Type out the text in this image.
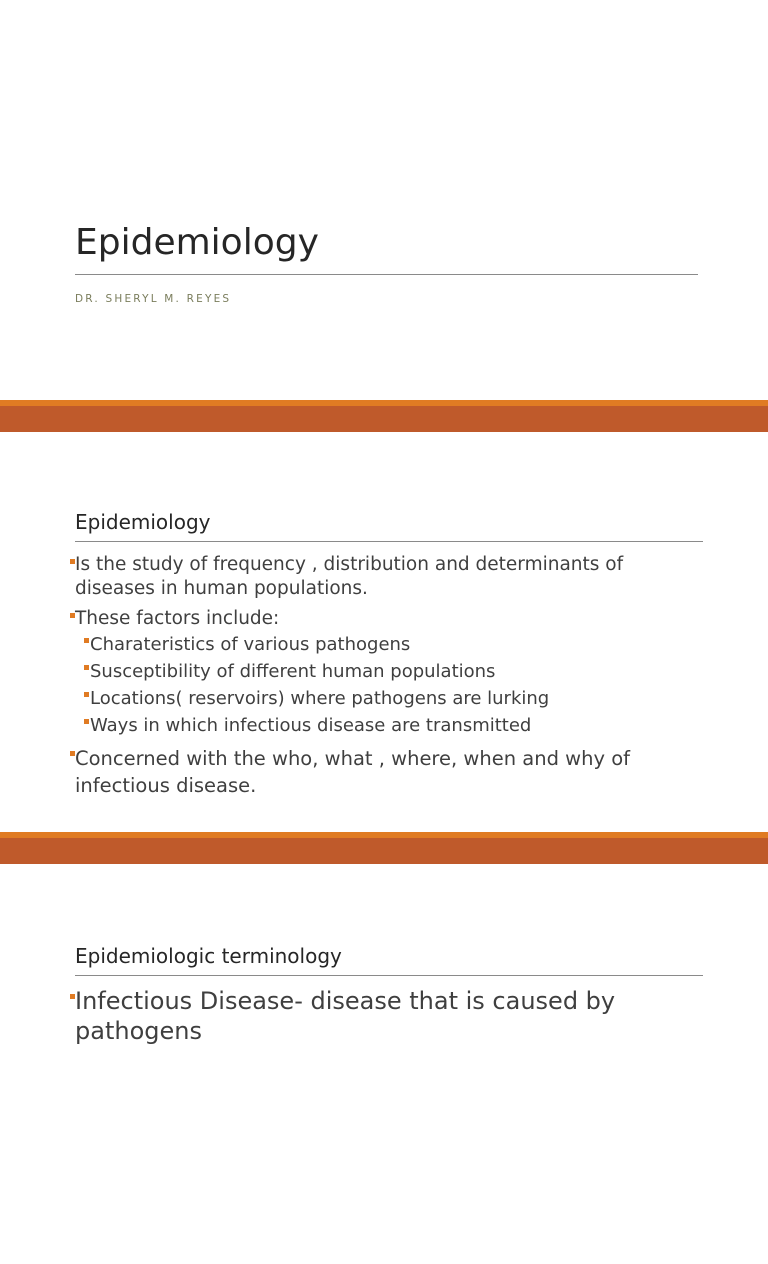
Epidemiology
DR. SHERYL M. REYES
Epidemiology
Is the study of frequency , distribution and determinants of diseases in human populations.
These factors include:
Charateristics of various pathogens
Susceptibility of different human populations
Locations( reservoirs) where pathogens are lurking
Ways in which infectious disease are transmitted
Concerned with the who, what , where, when and why of infectious disease.
Epidemiologic terminology
Infectious Disease- disease that is caused by pathogens
